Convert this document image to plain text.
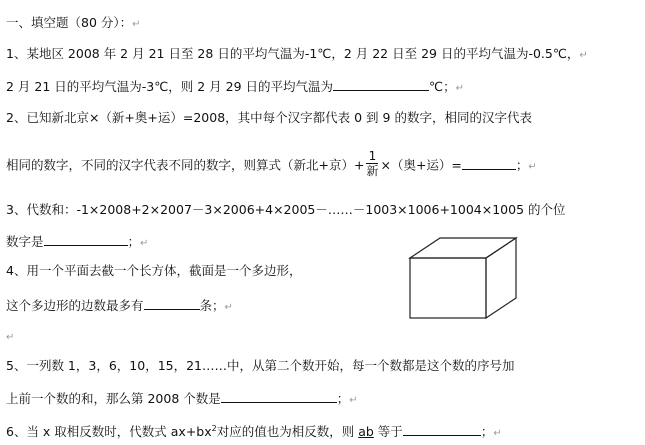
一、填空题（80 分）：↵
1、某地区 2008 年 2 月 21 日至 28 日的平均气温为-1℃，2 月 22 日至 29 日的平均气温为-0.5℃，↵
2 月 21 日的平均气温为-3℃，则 2 月 29 日的平均气温为	℃；↵
2、已知新北京×（新+奥+运）=2008，其中每个汉字都代表 0 到 9 的数字，相同的汉字代表
相同的数字，不同的汉字代表不同的数字，则算式（新北+京）+ $\frac{1}{\text{新}}$ ×（奥+运）=	；↵
3、代数和：-1×2008+2×2007－3×2006+4×2005－……－1003×1006+1004×1005 的个位
数字是	；↵
4、用一个平面去截一个长方体，截面是一个多边形，
这个多边形的边数最多有	条；↵
↵
5、一列数 1，3，6，10，15，21……中，从第二个数开始，每一个数都是这个数的序号加
上前一个数的和，那么第 2008 个数是	；↵
6、当 x 取相反数时，代数式 $ax+bx^2$对应的值也为相反数，则 ab 等于	；↵
